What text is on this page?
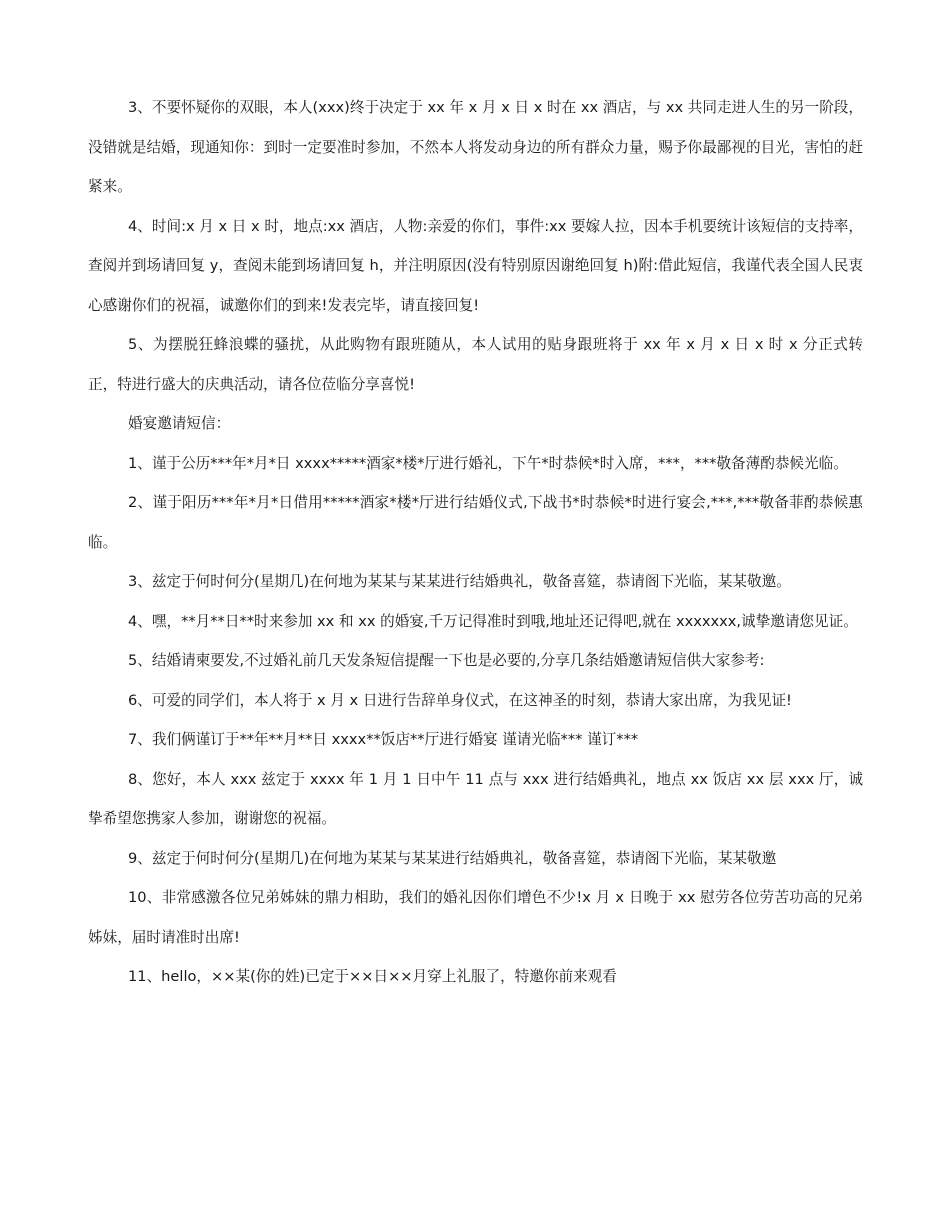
3、不要怀疑你的双眼，本人(xxx)终于决定于 xx 年 x 月 x 日 x 时在 xx 酒店，与 xx 共同走进人生的另一阶段，没错就是结婚，现通知你：到时一定要准时参加，不然本人将发动身边的所有群众力量，赐予你最鄙视的目光，害怕的赶紧来。

4、时间:x 月 x 日 x 时，地点:xx 酒店，人物:亲爱的你们，事件:xx 要嫁人拉，因本手机要统计该短信的支持率，查阅并到场请回复 y，查阅未能到场请回复 h，并注明原因(没有特别原因谢绝回复 h)附:借此短信，我谨代表全国人民衷心感谢你们的祝福，诚邀你们的到来!发表完毕，请直接回复!

5、为摆脱狂蜂浪蝶的骚扰，从此购物有跟班随从，本人试用的贴身跟班将于 xx 年 x 月 x 日 x 时 x 分正式转正，特进行盛大的庆典活动，请各位莅临分享喜悦!

婚宴邀请短信：

1、谨于公历***年*月*日 xxxx*****酒家*楼*厅进行婚礼，下午*时恭候*时入席，***，***敬备薄酌恭候光临。

2、谨于阳历***年*月*日借用*****酒家*楼*厅进行结婚仪式,下战书*时恭候*时进行宴会,***,***敬备菲酌恭候惠临。

3、兹定于何时何分(星期几)在何地为某某与某某进行结婚典礼，敬备喜筵，恭请阁下光临，某某敬邀。

4、嘿，**月**日**时来参加 xx 和 xx 的婚宴,千万记得准时到哦,地址还记得吧,就在 xxxxxxx,诚挚邀请您见证。

5、结婚请柬要发,不过婚礼前几天发条短信提醒一下也是必要的,分享几条结婚邀请短信供大家参考:

6、可爱的同学们，本人将于 x 月 x 日进行告辞单身仪式，在这神圣的时刻，恭请大家出席，为我见证!

7、我们俩谨订于**年**月**日 xxxx**饭店**厅进行婚宴 谨请光临*** 谨订***

8、您好，本人 xxx 兹定于 xxxx 年 1 月 1 日中午 11 点与 xxx 进行结婚典礼，地点 xx 饭店 xx 层 xxx 厅，诚挚希望您携家人参加，谢谢您的祝福。

9、兹定于何时何分(星期几)在何地为某某与某某进行结婚典礼，敬备喜筵，恭请阁下光临，某某敬邀

10、非常感激各位兄弟姊妹的鼎力相助，我们的婚礼因你们增色不少!x 月 x 日晚于 xx 慰劳各位劳苦功高的兄弟姊妹，届时请准时出席!

11、hello，××某(你的姓)已定于××日××月穿上礼服了，特邀你前来观看
